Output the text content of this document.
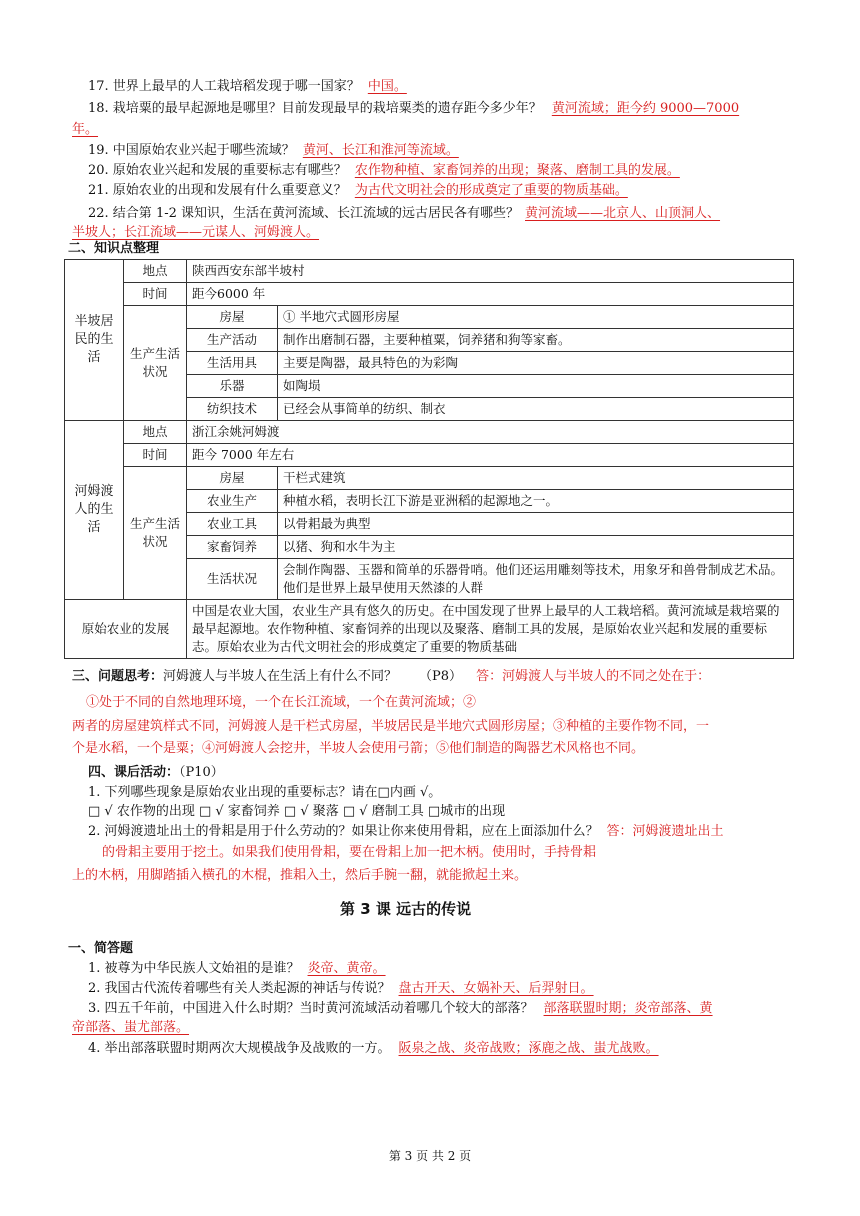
17. 世界上最早的人工栽培稻发现于哪一国家？ 中国。
18. 栽培粟的最早起源地是哪里？目前发现最早的栽培粟类的遗存距今多少年？ 黄河流域；距今约 9000—7000
年。
19. 中国原始农业兴起于哪些流域？ 黄河、长江和淮河等流域。
20. 原始农业兴起和发展的重要标志有哪些？ 农作物种植、家畜饲养的出现；聚落、磨制工具的发展。
21. 原始农业的出现和发展有什么重要意义？ 为古代文明社会的形成奠定了重要的物质基础。
22. 结合第 1-2 课知识，生活在黄河流域、长江流域的远古居民各有哪些？ 黄河流域——北京人、山顶洞人、
半坡人；长江流域——元谋人、河姆渡人。
二、知识点整理
半坡居民的生活	地点	陕西西安东部半坡村	
	时间	距今6000 年	
	生产生活状况	房屋	① 半地穴式圆形房屋
		生产活动	制作出磨制石器，主要种植粟，饲养猪和狗等家畜。
		生活用具	主要是陶器，最具特色的为彩陶
		乐器	如陶埙
		纺织技术	已经会从事简单的纺织、制衣
河姆渡人的生活	地点	浙江余姚河姆渡	
	时间	距今 7000 年左右	
	生产生活状况	房屋	干栏式建筑
		农业生产	种植水稻，表明长江下游是亚洲稻的起源地之一。
		农业工具	以骨耜最为典型
		家畜饲养	以猪、狗和水牛为主
		生活状况	会制作陶器、玉器和简单的乐器骨哨。他们还运用雕刻等技术，用象牙和兽骨制成艺术品。他们是世界上最早使用天然漆的人群
原始农业的发展		中国是农业大国，农业生产具有悠久的历史。在中国发现了世界上最早的人工栽培稻。黄河流域是栽培粟的最早起源地。农作物种植、家畜饲养的出现以及聚落、磨制工具的发展，是原始农业兴起和发展的重要标志。原始农业为古代文明社会的形成奠定了重要的物质基础	
三、问题思考：河姆渡人与半坡人在生活上有什么不同？ （P8） 答：河姆渡人与半坡人的不同之处在于：
①处于不同的自然地理环境，一个在长江流域，一个在黄河流域；②
两者的房屋建筑样式不同，河姆渡人是干栏式房屋，半坡居民是半地穴式圆形房屋；③种植的主要作物不同，一
个是水稻，一个是粟；④河姆渡人会挖井，半坡人会使用弓箭；⑤他们制造的陶器艺术风格也不同。
四、课后活动：（P10）
1. 下列哪些现象是原始农业出现的重要标志？请在□内画 √。
□ √ 农作物的出现 □ √ 家畜饲养 □ √ 聚落 □ √ 磨制工具 □城市的出现
2. 河姆渡遗址出土的骨耜是用于什么劳动的？如果让你来使用骨耜，应在上面添加什么？ 答：河姆渡遗址出土
的骨耜主要用于挖土。如果我们使用骨耜，要在骨耜上加一把木柄。使用时，手持骨耜
上的木柄，用脚踏插入横孔的木棍，推耜入土，然后手腕一翻，就能掀起土来。
第 3 课 远古的传说
一、简答题
1. 被尊为中华民族人文始祖的是谁？ 炎帝、黄帝。
2. 我国古代流传着哪些有关人类起源的神话与传说？ 盘古开天、女娲补天、后羿射日。
3. 四五千年前，中国进入什么时期？当时黄河流域活动着哪几个较大的部落？ 部落联盟时期；炎帝部落、黄
帝部落、蚩尤部落。
4. 举出部落联盟时期两次大规模战争及战败的一方。 阪泉之战、炎帝战败；涿鹿之战、蚩尤战败。
第 3 页 共 2 页
